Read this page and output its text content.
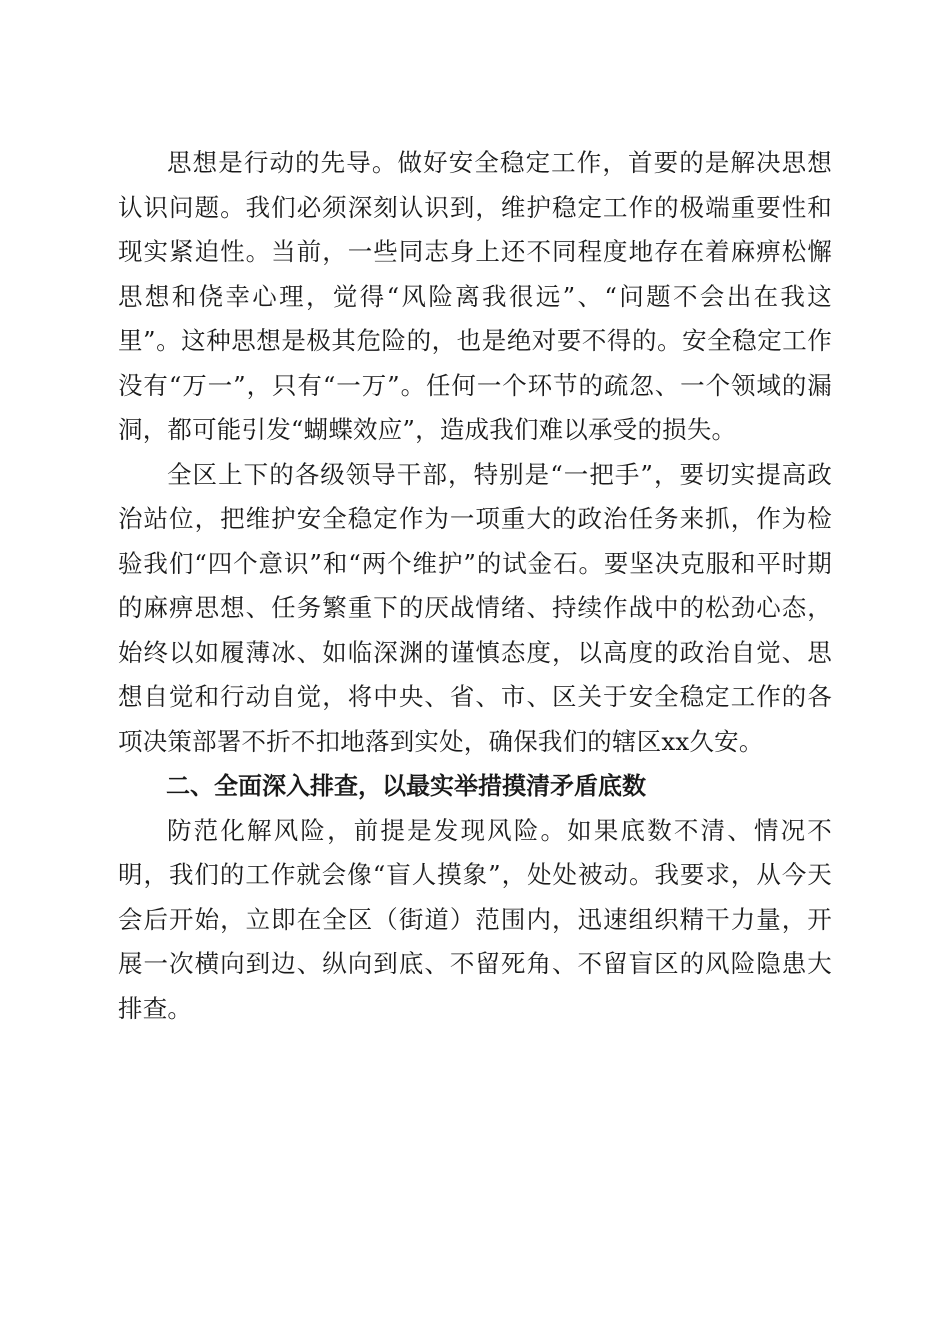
思想是行动的先导。做好安全稳定工作，首要的是解决思想认识问题。我们必须深刻认识到，维护稳定工作的极端重要性和现实紧迫性。当前，一些同志身上还不同程度地存在着麻痹松懈思想和侥幸心理，觉得“风险离我很远”、“问题不会出在我这里”。这种思想是极其危险的，也是绝对要不得的。安全稳定工作没有“万一”，只有“一万”。任何一个环节的疏忽、一个领域的漏洞，都可能引发“蝴蝶效应”，造成我们难以承受的损失。

全区上下的各级领导干部，特别是“一把手”，要切实提高政治站位，把维护安全稳定作为一项重大的政治任务来抓，作为检验我们“四个意识”和“两个维护”的试金石。要坚决克服和平时期的麻痹思想、任务繁重下的厌战情绪、持续作战中的松劲心态，始终以如履薄冰、如临深渊的谨慎态度，以高度的政治自觉、思想自觉和行动自觉，将中央、省、市、区关于安全稳定工作的各项决策部署不折不扣地落到实处，确保我们的辖区xx久安。

二、全面深入排查，以最实举措摸清矛盾底数

防范化解风险，前提是发现风险。如果底数不清、情况不明，我们的工作就会像“盲人摸象”，处处被动。我要求，从今天会后开始，立即在全区（街道）范围内，迅速组织精干力量，开展一次横向到边、纵向到底、不留死角、不留盲区的风险隐患大排查。
